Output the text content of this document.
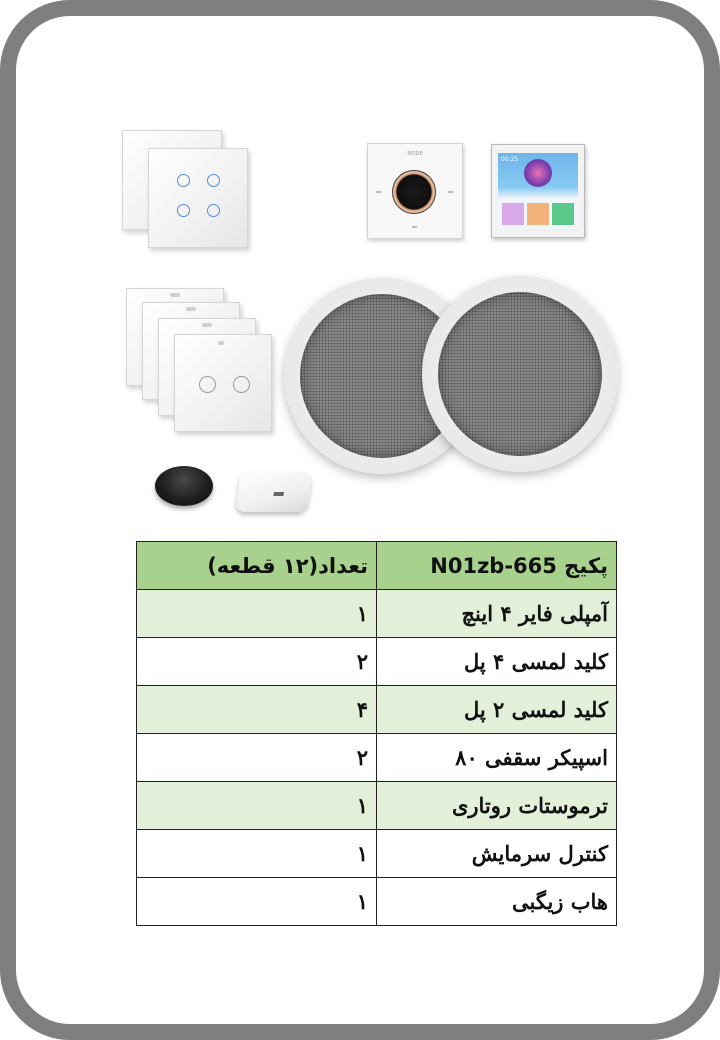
MODE
00:25
پکیج N01zb-665	تعداد(۱۲ قطعه)
آمپلی فایر ۴ اینچ	۱
کلید لمسی ۴ پل	۲
کلید لمسی ۲ پل	۴
اسپیکر سقفی ۸۰	۲
ترموستات روتاری	۱
کنترل سرمایش	۱
هاب زیگبی	۱
